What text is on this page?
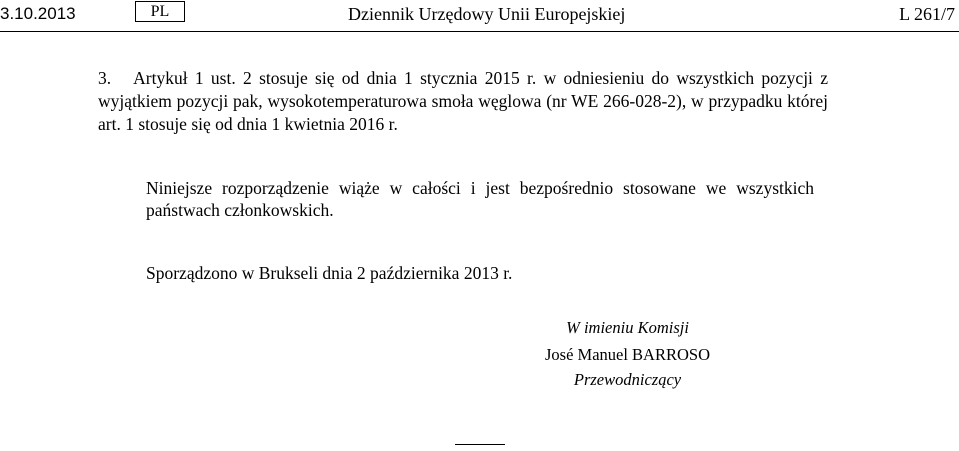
3.10.2013	PL	Dziennik Urzędowy Unii Europejskiej	L 261/7

3. Artykuł 1 ust. 2 stosuje się od dnia 1 stycznia 2015 r. w odniesieniu do wszystkich pozycji z wyjątkiem pozycji pak, wysokotemperaturowa smoła węglowa (nr WE 266-028-2), w przypadku której art. 1 stosuje się od dnia 1 kwietnia 2016 r.

Niniejsze rozporządzenie wiąże w całości i jest bezpośrednio stosowane we wszystkich państwach członkowskich.

Sporządzono w Brukseli dnia 2 października 2013 r.

W imieniu Komisji
José Manuel BARROSO
Przewodniczący
